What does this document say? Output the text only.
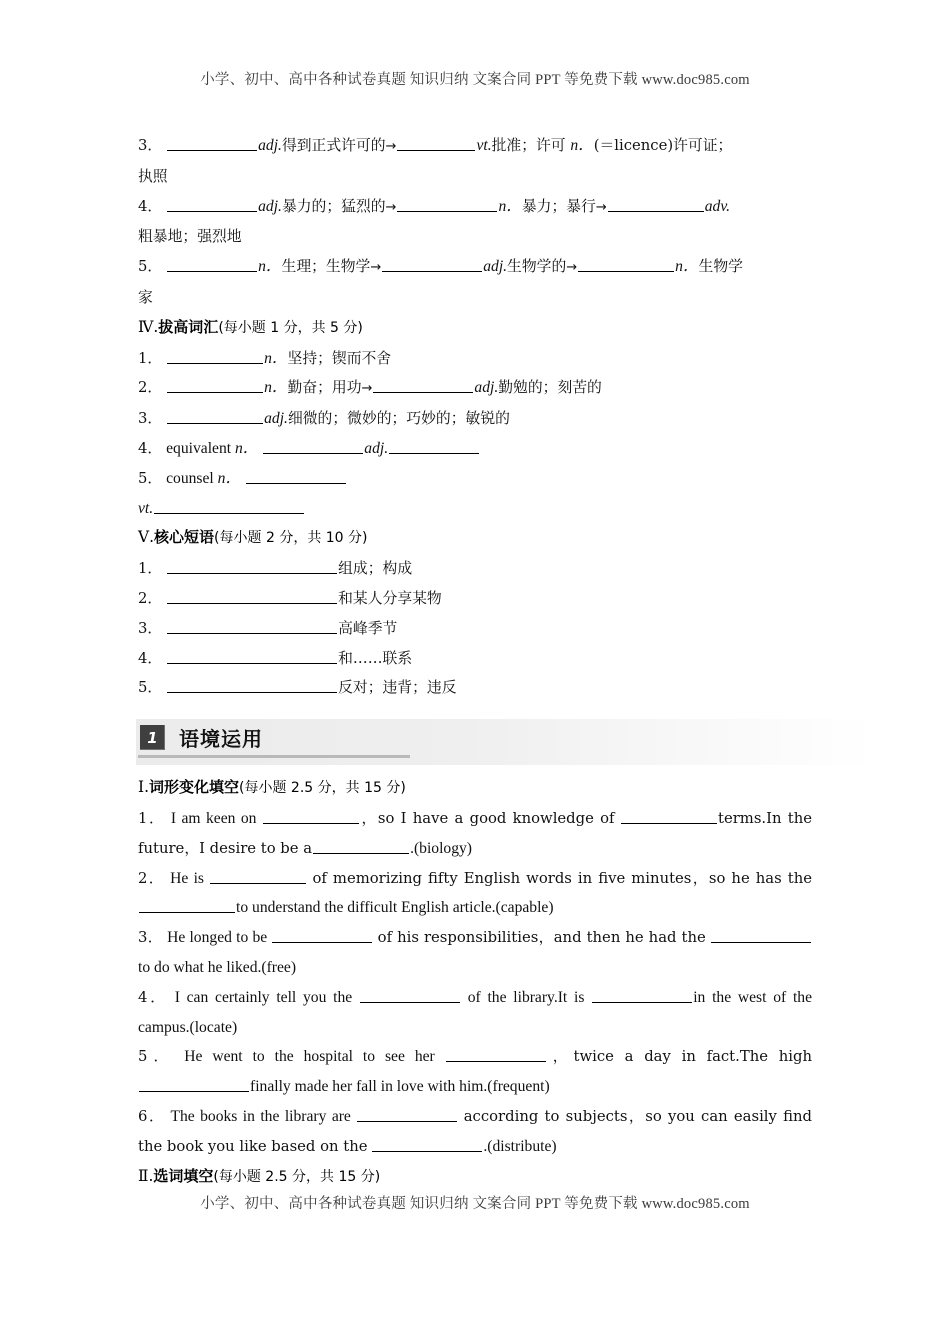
小学、初中、高中各种试卷真题 知识归纳 文案合同 PPT 等免费下载 www.doc985.com
3．	adj.得到正式许可的→	vt.批准；许可 n．(＝licence)许可证；
执照
4．	adj.暴力的；猛烈的→	n．暴力；暴行→	adv.
粗暴地；强烈地
5．	n．生理；生物学→	adj.生物学的→	n．生物学
家
Ⅳ.拔高词汇(每小题 1 分，共 5 分)
1．	n．坚持；锲而不舍
2．	n．勤奋；用功→	adj.勤勉的；刻苦的
3．	adj.细微的；微妙的；巧妙的；敏锐的
4． equivalent n．	adj.
5． counsel n．
vt.
Ⅴ.核心短语(每小题 2 分，共 10 分)
1．	组成；构成
2．	和某人分享某物
3．	高峰季节
4．	和……联系
5．	反对；违背；违反
1	语境运用
Ⅰ.词形变化填空(每小题 2.5 分，共 15 分)
1． I am keen on	，so I have a good knowledge of	terms.In the future，I desire to be a	.(biology)
2． He is	of memorizing fifty English words in five minutes，so he has the to understand the difficult English article.(capable)
3． He longed to be	of his responsibilities，and then he had the to do what he liked.(free)
4． I can certainly tell you the	of the library.It is	in the west of the campus.(locate)
5． He went to the hospital to see her	，twice a day in fact.The high finally made her fall in love with him.(frequent)
6． The books in the library are	according to subjects，so you can easily find the book you like based on the	.(distribute)
Ⅱ.选词填空(每小题 2.5 分，共 15 分)
小学、初中、高中各种试卷真题 知识归纳 文案合同 PPT 等免费下载 www.doc985.com
